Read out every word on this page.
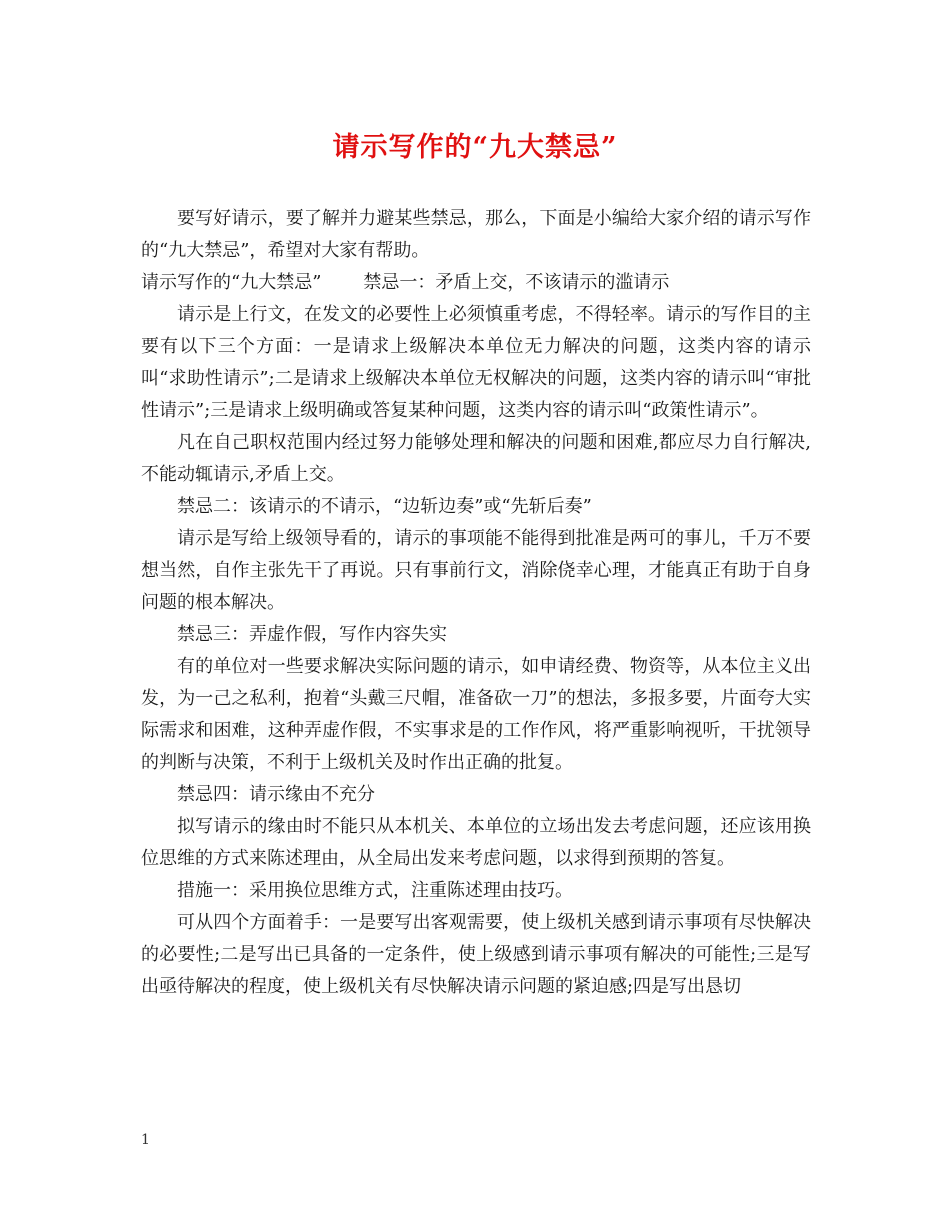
请示写作的“九大禁忌”

要写好请示，要了解并力避某些禁忌，那么，下面是小编给大家介绍的请示写作的“九大禁忌”，希望对大家有帮助。

请示写作的“九大禁忌” 禁忌一：矛盾上交，不该请示的滥请示

请示是上行文，在发文的必要性上必须慎重考虑，不得轻率。请示的写作目的主要有以下三个方面：一是请求上级解决本单位无力解决的问题，这类内容的请示叫“求助性请示”;二是请求上级解决本单位无权解决的问题，这类内容的请示叫“审批性请示”;三是请求上级明确或答复某种问题，这类内容的请示叫“政策性请示”。

凡在自己职权范围内经过努力能够处理和解决的问题和困难,都应尽力自行解决,不能动辄请示,矛盾上交。

禁忌二：该请示的不请示，“边斩边奏”或“先斩后奏”

请示是写给上级领导看的，请示的事项能不能得到批准是两可的事儿，千万不要想当然，自作主张先干了再说。只有事前行文，消除侥幸心理，才能真正有助于自身问题的根本解决。

禁忌三：弄虚作假，写作内容失实

有的单位对一些要求解决实际问题的请示，如申请经费、物资等，从本位主义出发，为一己之私利，抱着“头戴三尺帽，准备砍一刀”的想法，多报多要，片面夸大实际需求和困难，这种弄虚作假，不实事求是的工作作风，将严重影响视听，干扰领导的判断与决策，不利于上级机关及时作出正确的批复。

禁忌四：请示缘由不充分

拟写请示的缘由时不能只从本机关、本单位的立场出发去考虑问题，还应该用换位思维的方式来陈述理由，从全局出发来考虑问题，以求得到预期的答复。

措施一：采用换位思维方式，注重陈述理由技巧。

可从四个方面着手：一是要写出客观需要，使上级机关感到请示事项有尽快解决的必要性;二是写出已具备的一定条件，使上级感到请示事项有解决的可能性;三是写出亟待解决的程度，使上级机关有尽快解决请示问题的紧迫感;四是写出恳切

1
